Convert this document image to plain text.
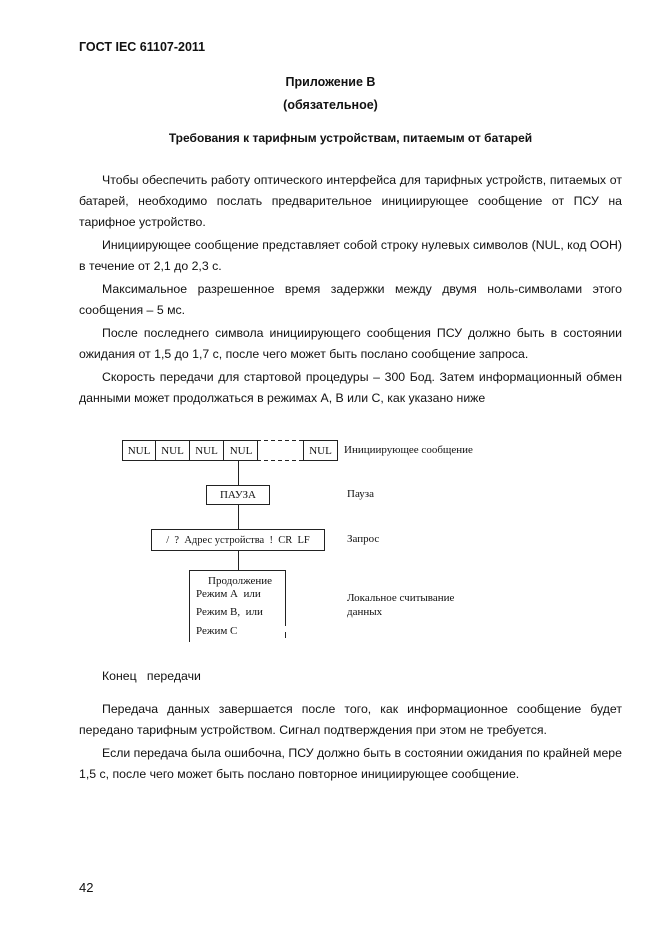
ГОСТ IEC 61107-2011
Приложение В
(обязательное)
Требования к тарифным устройствам, питаемым от батарей

Чтобы обеспечить работу оптического интерфейса для тарифных устройств, питаемых от батарей, необходимо послать предварительное инициирующее сообщение от ПСУ на тарифное устройство.

Инициирующее сообщение представляет собой строку нулевых символов (NUL, код ООН) в течение от 2,1 до 2,3 с.

Максимальное разрешенное время задержки между двумя ноль-символами этого сообщения – 5 мс.

После последнего символа инициирующего сообщения ПСУ должно быть в состоянии ожидания от 1,5 до 1,7 с, после чего может быть послано сообщение запроса.

Скорость передачи для стартовой процедуры – 300 Бод. Затем информационный обмен данными может продолжаться в режимах А, В или С, как указано ниже

NUL NUL	NUL	NUL	NUL	Инициирующее сообщение
ПАУЗА	Пауза
/  ?  Адрес устройства  !  CR  LF	Запрос
Продолжение
Режим А  или
Режим В,  или
Режим С
Локальное считывание
данных

Конец   передачи

Передача данных завершается после того, как информационное сообщение будет передано тарифным устройством. Сигнал подтверждения при этом не требуется.

Если передача была ошибочна, ПСУ должно быть в состоянии ожидания по крайней мере 1,5 с, после чего может быть послано повторное инициирующее сообщение.

42
